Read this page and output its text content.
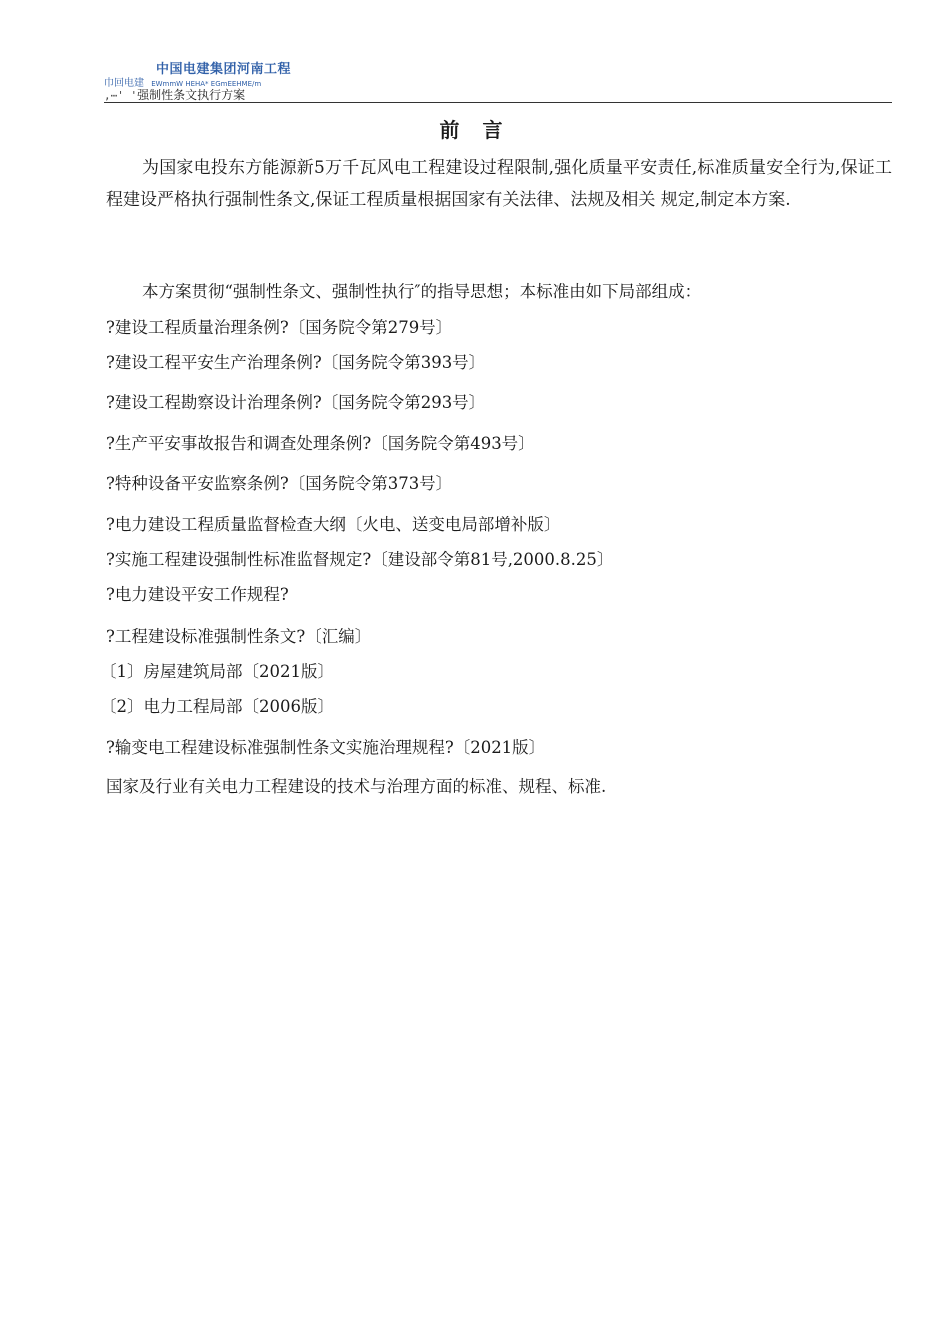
中国电建集团河南工程
巾回电建 EWmmW HEHA* EGmEEHME/m
,⋯' '强制性条文执行方案
前 言

为国家电投东方能源新5万千瓦风电工程建设过程限制,强化质量平安责任,标准质量安全行为,保证工程建设严格执行强制性条文,保证工程质量根据国家有关法律、法规及相关 规定,制定本方案.

本方案贯彻“强制性条文、强制性执行″的指导思想；本标准由如下局部组成：

?建设工程质量治理条例?〔国务院令第279号〕

?建设工程平安生产治理条例?〔国务院令第393号〕

?建设工程勘察设计治理条例?〔国务院令第293号〕

?生产平安事故报告和调查处理条例?〔国务院令第493号〕

?特种设备平安监察条例?〔国务院令第373号〕

?电力建设工程质量监督检查大纲〔火电、送变电局部增补版〕

?实施工程建设强制性标准监督规定?〔建设部令第81号,2000.8.25〕

?电力建设平安工作规程?

?工程建设标准强制性条文?〔汇编〕

〔1〕房屋建筑局部〔2021版〕

〔2〕电力工程局部〔2006版〕

?输变电工程建设标准强制性条文实施治理规程?〔2021版〕

国家及行业有关电力工程建设的技术与治理方面的标准、规程、标准.
